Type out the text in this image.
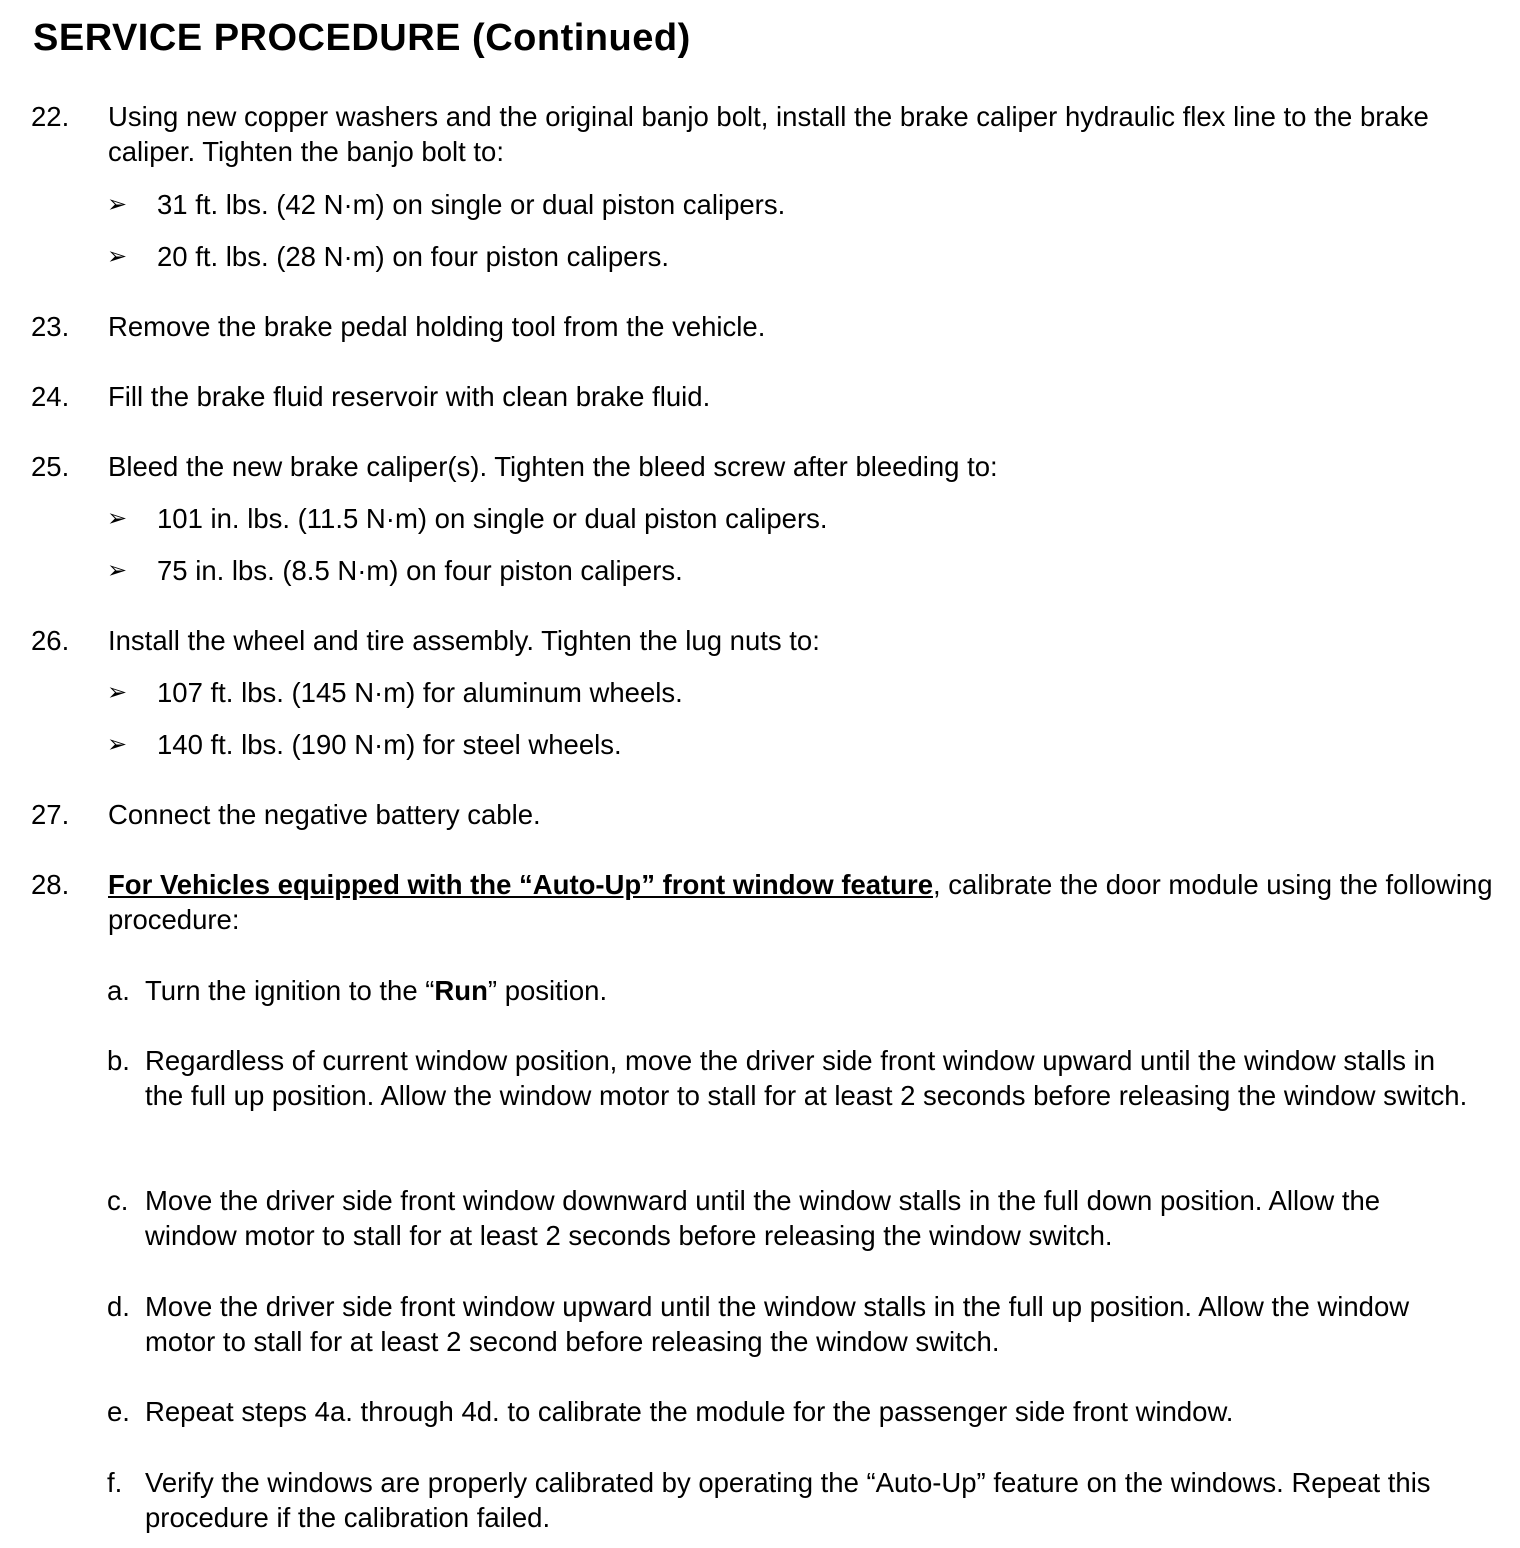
SERVICE PROCEDURE (Continued)
22. Using new copper washers and the original banjo bolt, install the brake caliper hydraulic flex line to the brake caliper. Tighten the banjo bolt to:
➢ 31 ft. lbs. (42 N·m) on single or dual piston calipers.
➢ 20 ft. lbs. (28 N·m) on four piston calipers.
23. Remove the brake pedal holding tool from the vehicle.
24. Fill the brake fluid reservoir with clean brake fluid.
25. Bleed the new brake caliper(s). Tighten the bleed screw after bleeding to:
➢ 101 in. lbs. (11.5 N·m) on single or dual piston calipers.
➢ 75 in. lbs. (8.5 N·m) on four piston calipers.
26. Install the wheel and tire assembly. Tighten the lug nuts to:
➢ 107 ft. lbs. (145 N·m) for aluminum wheels.
➢ 140 ft. lbs. (190 N·m) for steel wheels.
27. Connect the negative battery cable.
28. For Vehicles equipped with the “Auto-Up” front window feature, calibrate the door module using the following procedure:
a. Turn the ignition to the “Run” position.
b. Regardless of current window position, move the driver side front window upward until the window stalls in the full up position. Allow the window motor to stall for at least 2 seconds before releasing the window switch.
c. Move the driver side front window downward until the window stalls in the full down position. Allow the window motor to stall for at least 2 seconds before releasing the window switch.
d. Move the driver side front window upward until the window stalls in the full up position. Allow the window motor to stall for at least 2 second before releasing the window switch.
e. Repeat steps 4a. through 4d. to calibrate the module for the passenger side front window.
f. Verify the windows are properly calibrated by operating the “Auto-Up” feature on the windows. Repeat this procedure if the calibration failed.
